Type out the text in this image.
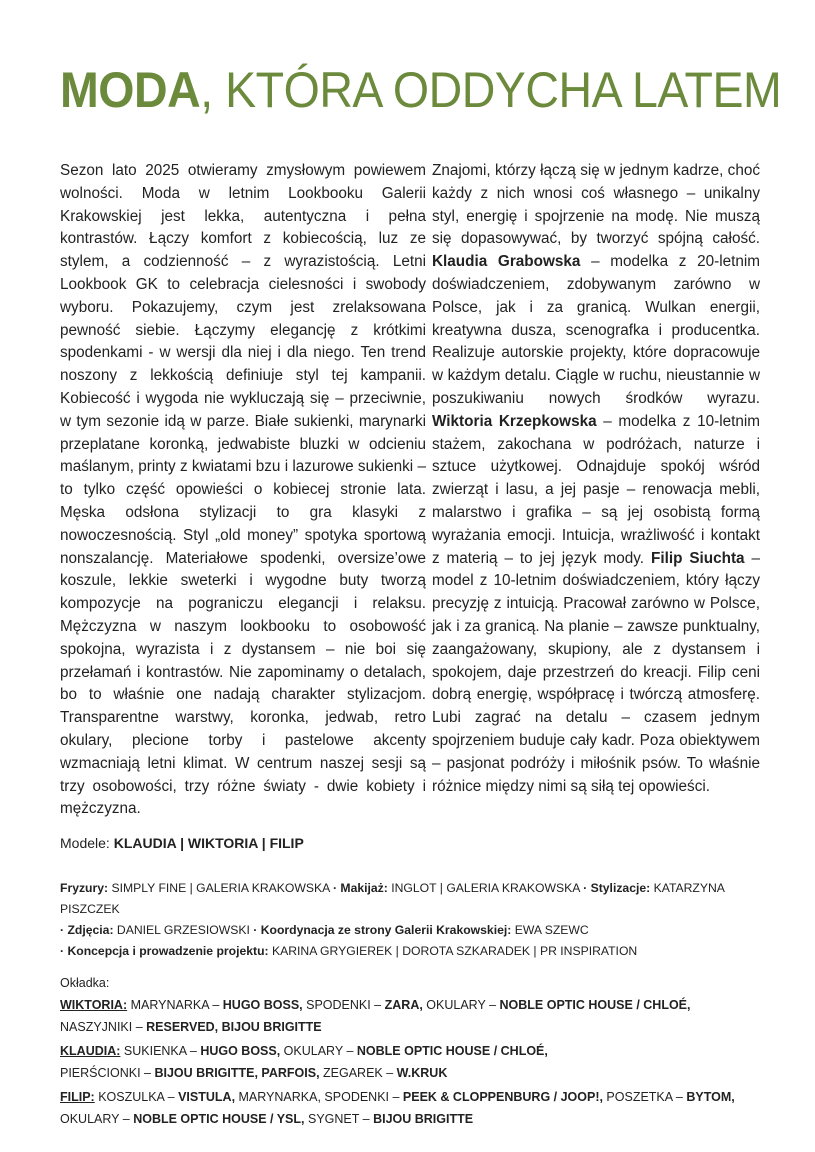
MODA, KTÓRA ODDYCHA LATEM

Sezon lato 2025 otwieramy zmysłowym powiewem wolności. Moda w letnim Lookbooku Galerii Krakowskiej jest lekka, autentyczna i pełna kontrastów. Łączy komfort z kobiecością, luz ze stylem, a codzienność – z wyrazistością. Letni Lookbook GK to celebracja cielesności i swobody wyboru. Pokazujemy, czym jest zrelaksowana pewność siebie. Łączymy elegancję z krótkimi spodenkami - w wersji dla niej i dla niego. Ten trend noszony z lekkością definiuje styl tej kampanii. Kobiecość i wygoda nie wykluczają się – przeciwnie, w tym sezonie idą w parze. Białe sukienki, marynarki przeplatane koronką, jedwabiste bluzki w odcieniu maślanym, printy z kwiatami bzu i lazurowe sukienki – to tylko część opowieści o kobiecej stronie lata. Męska odsłona stylizacji to gra klasyki z nowoczesnością. Styl „old money” spotyka sportową nonszalancję. Materiałowe spodenki, oversize’owe koszule, lekkie sweterki i wygodne buty tworzą kompozycje na pograniczu elegancji i relaksu. Mężczyzna w naszym lookbooku to osobowość spokojna, wyrazista i z dystansem – nie boi się przełamań i kontrastów. Nie zapominamy o detalach, bo to właśnie one nadają charakter stylizacjom. Transparentne warstwy, koronka, jedwab, retro okulary, plecione torby i pastelowe akcenty wzmacniają letni klimat. W centrum naszej sesji są trzy osobowości, trzy różne światy - dwie kobiety i mężczyzna.

Znajomi, którzy łączą się w jednym kadrze, choć każdy z nich wnosi coś własnego – unikalny styl, energię i spojrzenie na modę. Nie muszą się dopasowywać, by tworzyć spójną całość. Klaudia Grabowska – modelka z 20-letnim doświadczeniem, zdobywanym zarówno w Polsce, jak i za granicą. Wulkan energii, kreatywna dusza, scenografka i producentka. Realizuje autorskie projekty, które dopracowuje w każdym detalu. Ciągle w ruchu, nieustannie w poszukiwaniu nowych środków wyrazu. Wiktoria Krzepkowska – modelka z 10-letnim stażem, zakochana w podróżach, naturze i sztuce użytkowej. Odnajduje spokój wśród zwierząt i lasu, a jej pasje – renowacja mebli, malarstwo i grafika – są jej osobistą formą wyrażania emocji. Intuicja, wrażliwość i kontakt z materią – to jej język mody. Filip Siuchta – model z 10-letnim doświadczeniem, który łączy precyzję z intuicją. Pracował zarówno w Polsce, jak i za granicą. Na planie – zawsze punktualny, zaangażowany, skupiony, ale z dystansem i spokojem, daje przestrzeń do kreacji. Filip ceni dobrą energię, współpracę i twórczą atmosferę. Lubi zagrać na detalu – czasem jednym spojrzeniem buduje cały kadr. Poza obiektywem – pasjonat podróży i miłośnik psów. To właśnie różnice między nimi są siłą tej opowieści.

Modele: KLAUDIA | WIKTORIA | FILIP
Fryzury: SIMPLY FINE | GALERIA KRAKOWSKA · Makijaż: INGLOT | GALERIA KRAKOWSKA · Stylizacje: KATARZYNA PISZCZEK
· Zdjęcia: DANIEL GRZESIOWSKI · Koordynacja ze strony Galerii Krakowskiej: EWA SZEWC
· Koncepcja i prowadzenie projektu: KARINA GRYGIEREK | DOROTA SZKARADEK | PR INSPIRATION
Okładka:
WIKTORIA: MARYNARKA – HUGO BOSS, SPODENKI – ZARA, OKULARY – NOBLE OPTIC HOUSE / CHLOÉ,
NASZYJNIKI – RESERVED, BIJOU BRIGITTE
KLAUDIA: SUKIENKA – HUGO BOSS, OKULARY – NOBLE OPTIC HOUSE / CHLOÉ,
PIERŚCIONKI – BIJOU BRIGITTE, PARFOIS, ZEGAREK – W.KRUK
FILIP: KOSZULKA – VISTULA, MARYNARKA, SPODENKI – PEEK & CLOPPENBURG / JOOP!, POSZETKA – BYTOM,
OKULARY – NOBLE OPTIC HOUSE / YSL, SYGNET – BIJOU BRIGITTE
